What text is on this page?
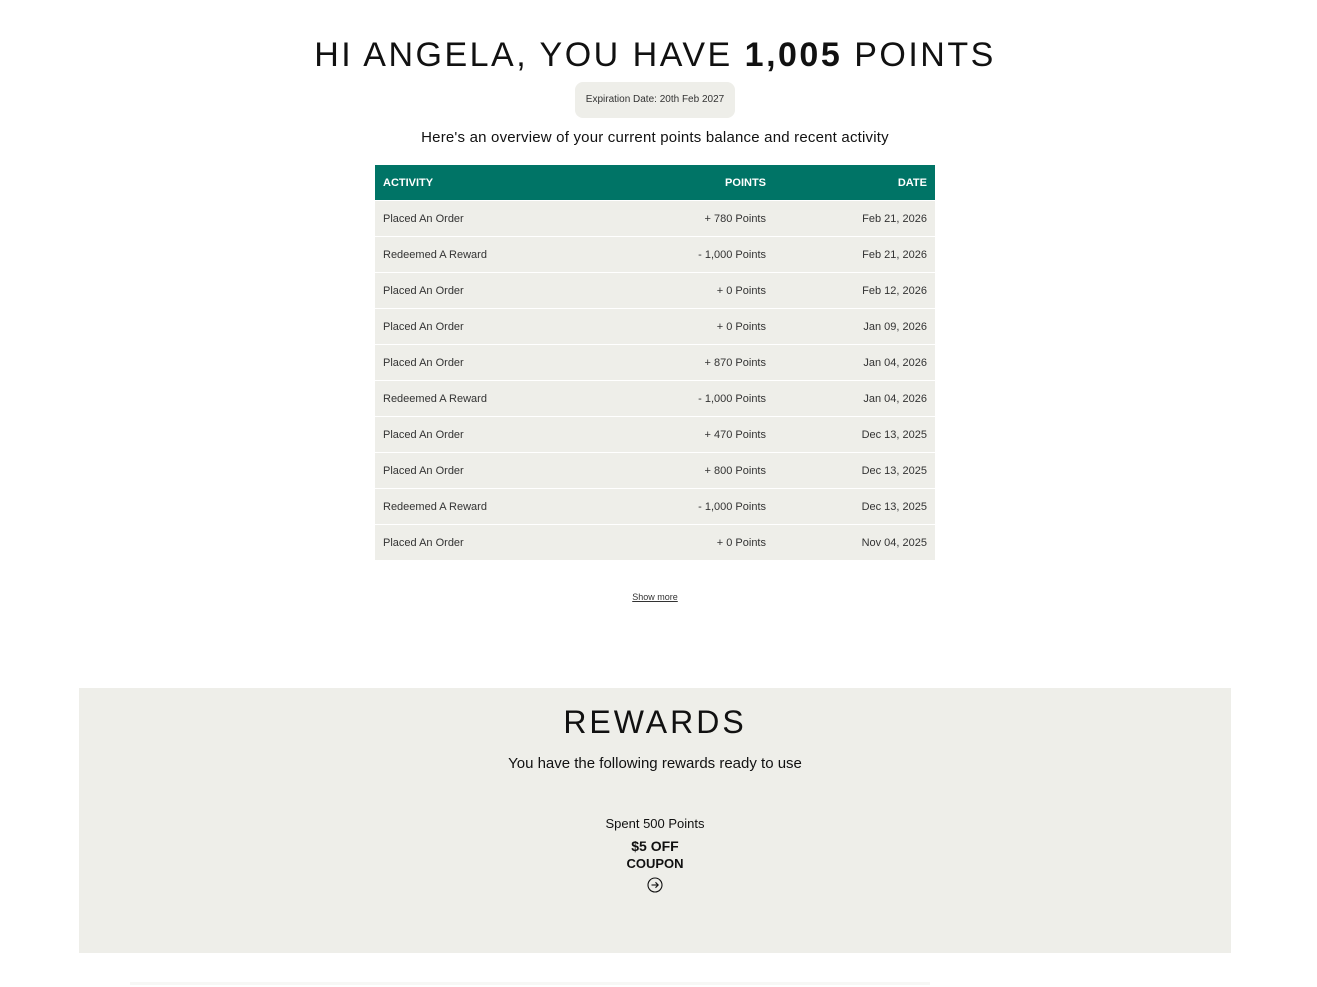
HI ANGELA, YOU HAVE 1,005 POINTS
Expiration Date: 20th Feb 2027
Here's an overview of your current points balance and recent activity
ACTIVITY	POINTS	DATE
Placed An Order	+ 780 Points	Feb 21, 2026
Redeemed A Reward	- 1,000 Points	Feb 21, 2026
Placed An Order	+ 0 Points	Feb 12, 2026
Placed An Order	+ 0 Points	Jan 09, 2026
Placed An Order	+ 870 Points	Jan 04, 2026
Redeemed A Reward	- 1,000 Points	Jan 04, 2026
Placed An Order	+ 470 Points	Dec 13, 2025
Placed An Order	+ 800 Points	Dec 13, 2025
Redeemed A Reward	- 1,000 Points	Dec 13, 2025
Placed An Order	+ 0 Points	Nov 04, 2025
Show more
REWARDS
You have the following rewards ready to use
Spent 500 Points
$5 OFF
COUPON
